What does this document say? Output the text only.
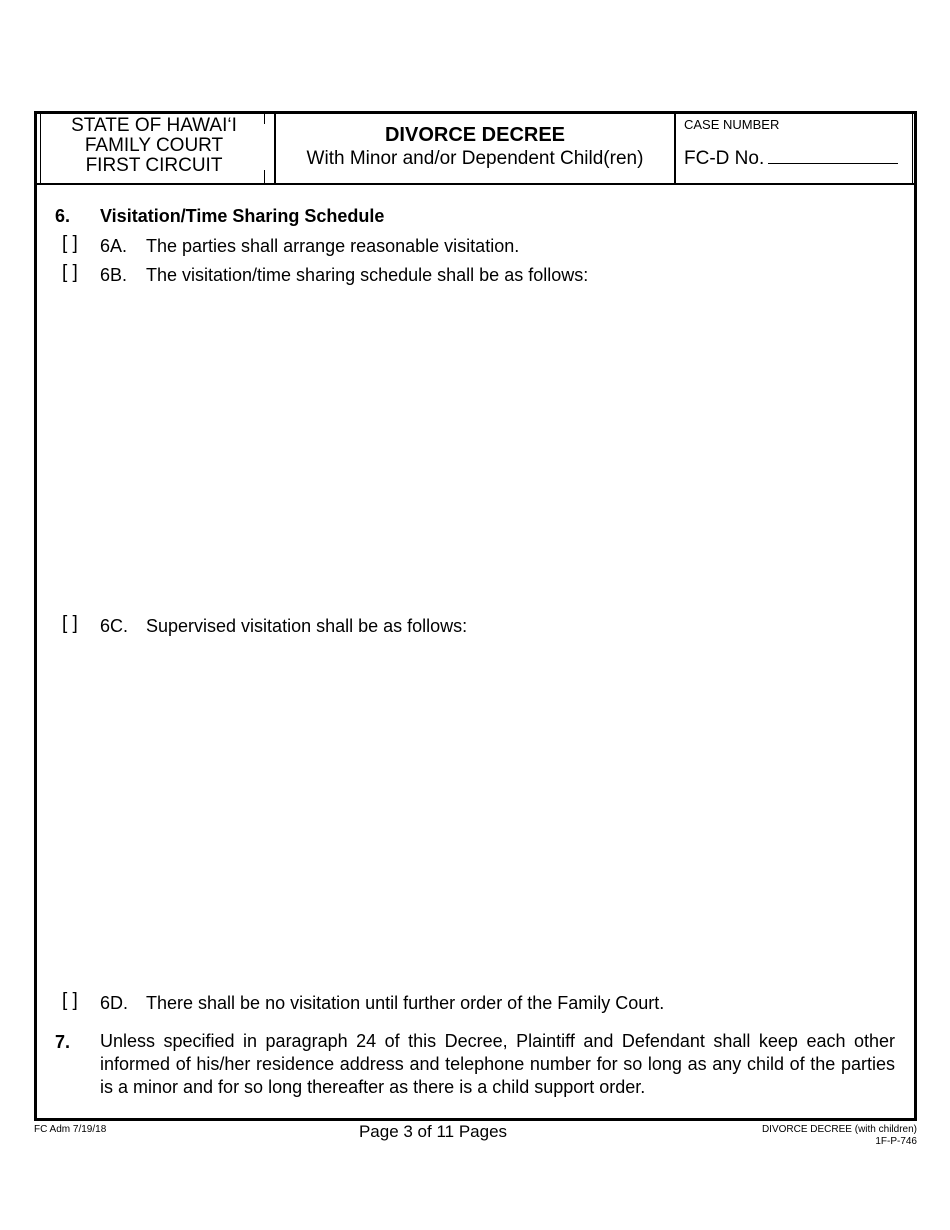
STATE OF HAWAI‘I
FAMILY COURT
FIRST CIRCUIT
DIVORCE DECREE
With Minor and/or Dependent Child(ren)
CASE NUMBER
FC-D No.
6. Visitation/Time Sharing Schedule
[ ] 6A. The parties shall arrange reasonable visitation.
[ ] 6B. The visitation/time sharing schedule shall be as follows:
[ ] 6C. Supervised visitation shall be as follows:
[ ] 6D. There shall be no visitation until further order of the Family Court.
7. Unless specified in paragraph 24 of this Decree, Plaintiff and Defendant shall keep each other
informed of his/her residence address and telephone number for so long as any child of the parties
is a minor and for so long thereafter as there is a child support order.
FC Adm 7/19/18	Page 3 of 11 Pages	DIVORCE DECREE (with children)
1F-P-746
